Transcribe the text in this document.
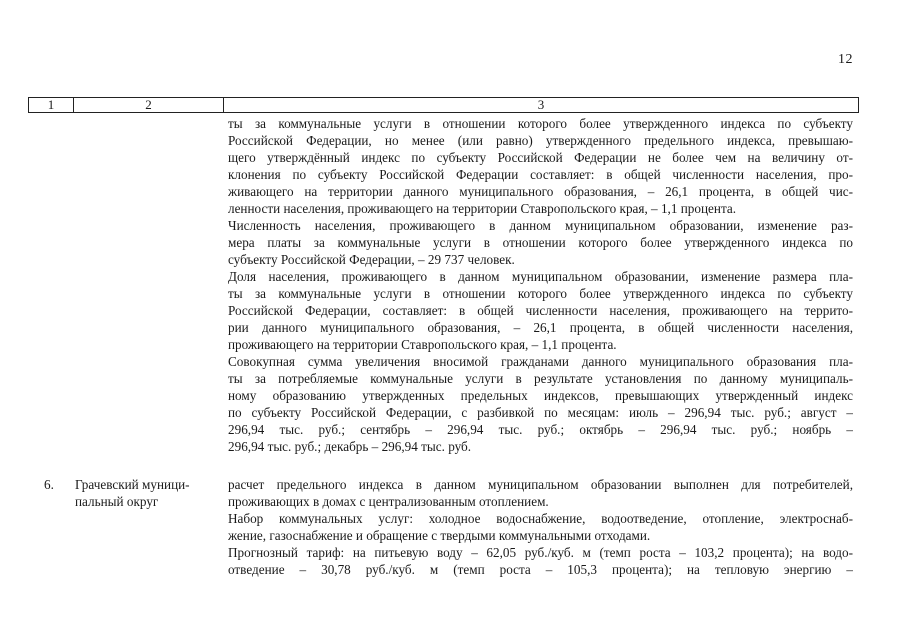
12
1	2	3
ты за коммунальные услуги в отношении которого более утвержденного индекса по субъекту
Российской Федерации, но менее (или равно) утвержденного предельного индекса, превышаю-
щего утверждённый индекс по субъекту Российской Федерации не более чем на величину от-
клонения по субъекту Российской Федерации составляет: в общей численности населения, про-
живающего на территории данного муниципального образования, – 26,1 процента, в общей чис-
ленности населения, проживающего на территории Ставропольского края, – 1,1 процента.
Численность населения, проживающего в данном муниципальном образовании, изменение раз-
мера платы за коммунальные услуги в отношении которого более утвержденного индекса по
субъекту Российской Федерации, – 29 737 человек.
Доля населения, проживающего в данном муниципальном образовании, изменение размера пла-
ты за коммунальные услуги в отношении которого более утвержденного индекса по субъекту
Российской Федерации, составляет: в общей численности населения, проживающего на террито-
рии данного муниципального образования, – 26,1 процента, в общей численности населения,
проживающего на территории Ставропольского края, – 1,1 процента.
Совокупная сумма увеличения вносимой гражданами данного муниципального образования пла-
ты за потребляемые коммунальные услуги в результате установления по данному муниципаль-
ному образованию утвержденных предельных индексов, превышающих утвержденный индекс
по субъекту Российской Федерации, с разбивкой по месяцам: июль – 296,94 тыс. руб.; август –
296,94 тыс. руб.; сентябрь – 296,94 тыс. руб.; октябрь – 296,94 тыс. руб.; ноябрь –
296,94 тыс. руб.; декабрь – 296,94 тыс. руб.
6. Грачевский муници-
пальный округ
расчет предельного индекса в данном муниципальном образовании выполнен для потребителей,
проживающих в домах с централизованным отоплением.
Набор коммунальных услуг: холодное водоснабжение, водоотведение, отопление, электроснаб-
жение, газоснабжение и обращение с твердыми коммунальными отходами.
Прогнозный тариф: на питьевую воду – 62,05 руб./куб. м (темп роста – 103,2 процента); на водо-
отведение – 30,78 руб./куб. м (темп роста – 105,3 процента); на тепловую энергию –
